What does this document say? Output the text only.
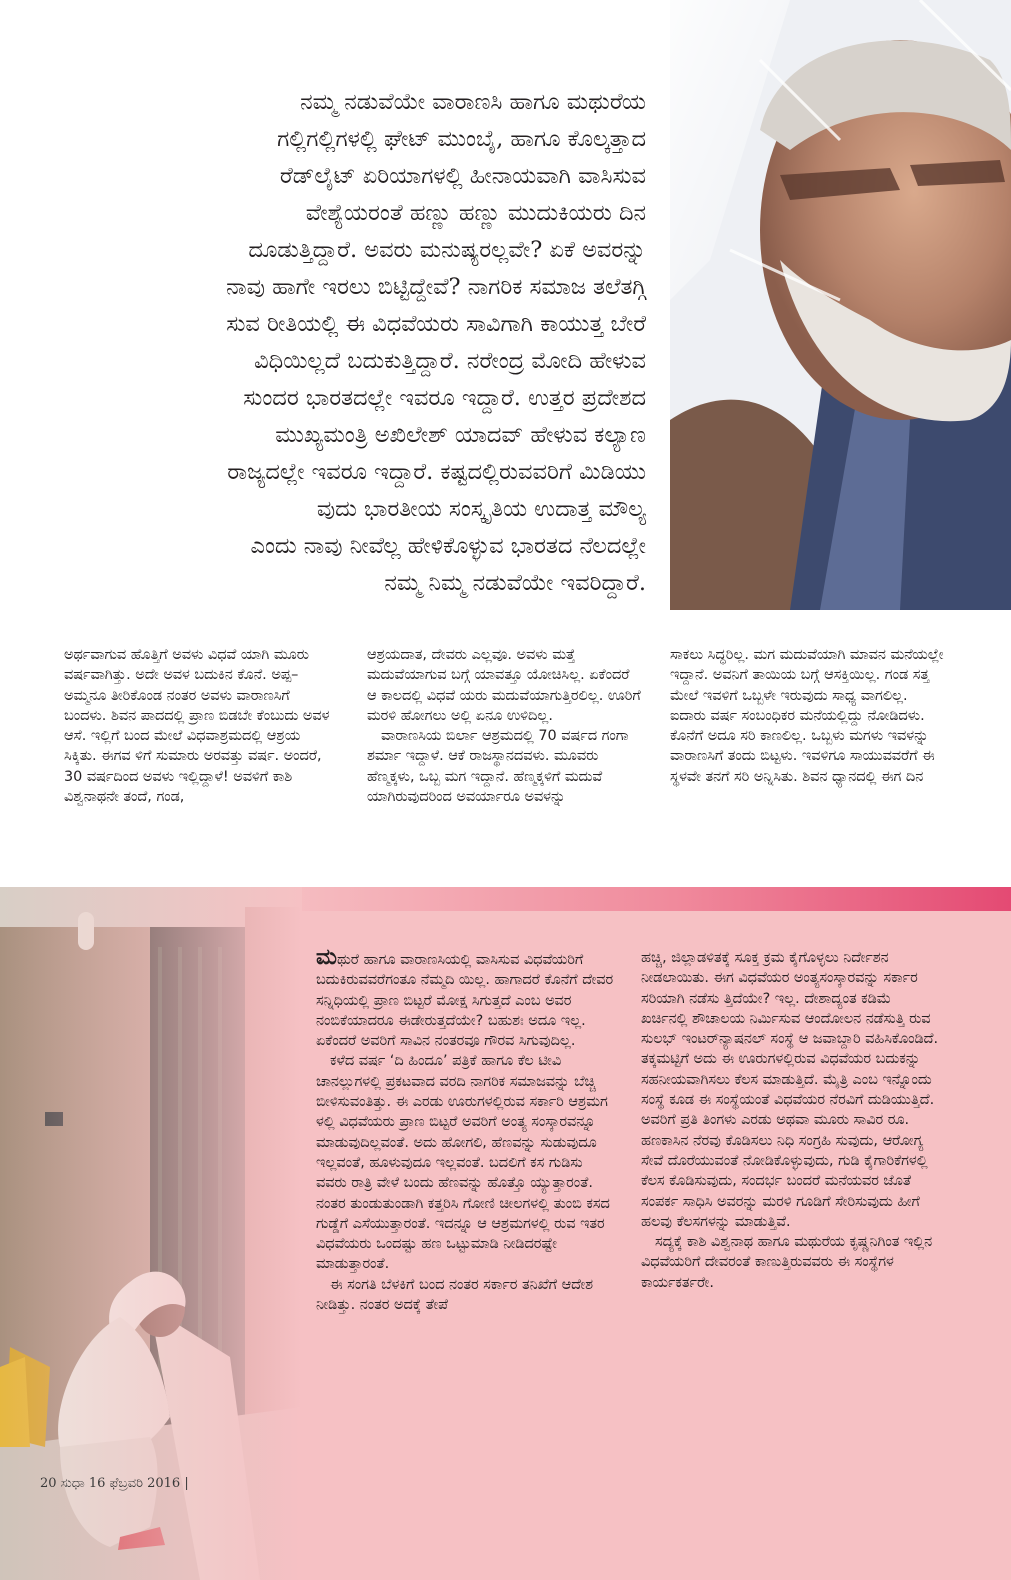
ನಮ್ಮ ನಡುವೆಯೇ ವಾರಾಣಸಿ ಹಾಗೂ ಮಥುರೆಯ
ಗಲ್ಲಿಗಲ್ಲಿಗಳಲ್ಲಿ ಘೇಟ್ ಮುಂಬೈ, ಹಾಗೂ ಕೊಲ್ಕತ್ತಾದ
ರೆಡ್‌ಲೈಟ್ ಏರಿಯಾಗಳಲ್ಲಿ ಹೀನಾಯವಾಗಿ ವಾಸಿಸುವ
ವೇಶ್ಯೆಯರಂತೆ ಹಣ್ಣು ಹಣ್ಣು ಮುದುಕಿಯರು ದಿನ
ದೂಡುತ್ತಿದ್ದಾರೆ. ಅವರು ಮನುಷ್ಯರಲ್ಲವೇ? ಏಕೆ ಅವರನ್ನು
ನಾವು ಹಾಗೇ ಇರಲು ಬಿಟ್ಟಿದ್ದೇವೆ? ನಾಗರಿಕ ಸಮಾಜ ತಲೆತಗ್ಗಿ
ಸುವ ರೀತಿಯಲ್ಲಿ ಈ ವಿಧವೆಯರು ಸಾವಿಗಾಗಿ ಕಾಯುತ್ತ ಬೇರೆ
ವಿಧಿಯಿಲ್ಲದೆ ಬದುಕುತ್ತಿದ್ದಾರೆ. ನರೇಂದ್ರ ಮೋದಿ ಹೇಳುವ
ಸುಂದರ ಭಾರತದಲ್ಲೇ ಇವರೂ ಇದ್ದಾರೆ. ಉತ್ತರ ಪ್ರದೇಶದ
ಮುಖ್ಯಮಂತ್ರಿ ಅಖಿಲೇಶ್ ಯಾದವ್ ಹೇಳುವ ಕಲ್ಯಾಣ
ರಾಜ್ಯದಲ್ಲೇ ಇವರೂ ಇದ್ದಾರೆ. ಕಷ್ಟದಲ್ಲಿರುವವರಿಗೆ ಮಿಡಿಯು
ವುದು ಭಾರತೀಯ ಸಂಸ್ಕೃತಿಯ ಉದಾತ್ತ ಮೌಲ್ಯ
ಎಂದು ನಾವು ನೀವೆಲ್ಲ ಹೇಳಿಕೊಳ್ಳುವ ಭಾರತದ ನೆಲದಲ್ಲೇ
ನಮ್ಮ ನಿಮ್ಮ ನಡುವೆಯೇ ಇವರಿದ್ದಾರೆ.

ಅರ್ಥವಾಗುವ ಹೊತ್ತಿಗೆ ಅವಳು ವಿಧವೆ ಯಾಗಿ ಮೂರು ವರ್ಷವಾಗಿತ್ತು. ಅದೇ ಅವಳ ಬದುಕಿನ ಕೊನೆ. ಅಪ್ಪ–ಅಮ್ಮನೂ ತೀರಿಕೊಂಡ ನಂತರ ಅವಳು ವಾರಾಣಸಿಗೆ ಬಂದಳು. ಶಿವನ ಪಾದದಲ್ಲಿ ಪ್ರಾಣ ಬಿಡಬೇ ಕೆಂಬುದು ಅವಳ ಆಸೆ. ಇಲ್ಲಿಗೆ ಬಂದ ಮೇಲೆ ವಿಧವಾಶ್ರಮದಲ್ಲಿ ಆಶ್ರಯ ಸಿಕ್ಕಿತು. ಈಗವ ಳಿಗೆ ಸುಮಾರು ಅರವತ್ತು ವರ್ಷ. ಅಂದರೆ, 30 ವರ್ಷದಿಂದ ಅವಳು ಇಲ್ಲಿದ್ದಾಳೆ! ಅವಳಿಗೆ ಕಾಶಿ ವಿಶ್ವನಾಥನೇ ತಂದೆ, ಗಂಡ,

ಆಶ್ರಯದಾತ, ದೇವರು ಎಲ್ಲವೂ. ಅವಳು ಮತ್ತೆ ಮದುವೆಯಾಗುವ ಬಗ್ಗೆ ಯಾವತ್ತೂ ಯೋಚಿಸಿಲ್ಲ. ಏಕೆಂದರೆ ಆ ಕಾಲದಲ್ಲಿ ವಿಧವೆ ಯರು ಮದುವೆಯಾಗುತ್ತಿರಲಿಲ್ಲ. ಊರಿಗೆ ಮರಳಿ ಹೋಗಲು ಅಲ್ಲಿ ಏನೂ ಉಳಿದಿಲ್ಲ.

ವಾರಾಣಸಿಯ ಬಿರ್ಲಾ ಆಶ್ರಮದಲ್ಲಿ 70 ವರ್ಷದ ಗಂಗಾ ಶರ್ಮಾ ಇದ್ದಾಳೆ. ಆಕೆ ರಾಜಸ್ಥಾನದವಳು. ಮೂವರು ಹೆಣ್ಮಕ್ಕಳು, ಒಬ್ಬ ಮಗ ಇದ್ದಾನೆ. ಹೆಣ್ಮಕ್ಕಳಿಗೆ ಮದುವೆ ಯಾಗಿರುವುದರಿಂದ ಅವರ್ಯಾರೂ ಅವಳನ್ನು

ಸಾಕಲು ಸಿದ್ಧರಿಲ್ಲ. ಮಗ ಮದುವೆಯಾಗಿ ಮಾವನ ಮನೆಯಲ್ಲೇ ಇದ್ದಾನೆ. ಅವನಿಗೆ ತಾಯಿಯ ಬಗ್ಗೆ ಆಸಕ್ತಿಯಿಲ್ಲ. ಗಂಡ ಸತ್ತ ಮೇಲೆ ಇವಳಿಗೆ ಒಬ್ಬಳೇ ಇರುವುದು ಸಾಧ್ಯ ವಾಗಲಿಲ್ಲ. ಐದಾರು ವರ್ಷ ಸಂಬಂಧಿಕರ ಮನೆಯಲ್ಲಿದ್ದು ನೋಡಿದಳು. ಕೊನೆಗೆ ಅದೂ ಸರಿ ಕಾಣಲಿಲ್ಲ. ಒಬ್ಬಳು ಮಗಳು ಇವಳನ್ನು ವಾರಾಣಸಿಗೆ ತಂದು ಬಿಟ್ಟಳು. ಇವಳಿಗೂ ಸಾಯುವವರೆಗೆ ಈ ಸ್ಥಳವೇ ತನಗೆ ಸರಿ ಅನ್ನಿಸಿತು. ಶಿವನ ಧ್ಯಾನದಲ್ಲಿ ಈಗ ದಿನ

20 ಸುಧಾ 16 ಫೆಬ್ರವರಿ 2016 |

ಮಥುರೆ ಹಾಗೂ ವಾರಾಣಸಿಯಲ್ಲಿ ವಾಸಿಸುವ ವಿಧವೆಯರಿಗೆ ಬದುಕಿರುವವರೆಗಂತೂ ನೆಮ್ಮದಿ ಯಿಲ್ಲ. ಹಾಗಾದರೆ ಕೊನೆಗೆ ದೇವರ ಸನ್ನಿಧಿಯಲ್ಲಿ ಪ್ರಾಣ ಬಿಟ್ಟರೆ ಮೋಕ್ಷ ಸಿಗುತ್ತದೆ ಎಂಬ ಅವರ ನಂಬಿಕೆಯಾದರೂ ಈಡೇರುತ್ತದೆಯೇ? ಬಹುಶಃ ಅದೂ ಇಲ್ಲ. ಏಕೆಂದರೆ ಅವರಿಗೆ ಸಾವಿನ ನಂತರವೂ ಗೌರವ ಸಿಗುವುದಿಲ್ಲ.

ಕಳೆದ ವರ್ಷ ‘ದಿ ಹಿಂದೂ’ ಪತ್ರಿಕೆ ಹಾಗೂ ಕೆಲ ಟೀವಿ ಚಾನಲ್ಲುಗಳಲ್ಲಿ ಪ್ರಕಟವಾದ ವರದಿ ನಾಗರಿಕ ಸಮಾಜವನ್ನು ಬೆಚ್ಚಿ ಬೀಳಿಸುವಂತಿತ್ತು. ಈ ಎರಡು ಊರುಗಳಲ್ಲಿರುವ ಸರ್ಕಾರಿ ಆಶ್ರಮಗ ಳಲ್ಲಿ ವಿಧವೆಯರು ಪ್ರಾಣ ಬಿಟ್ಟರೆ ಅವರಿಗೆ ಅಂತ್ಯ ಸಂಸ್ಕಾರವನ್ನೂ ಮಾಡುವುದಿಲ್ಲವಂತೆ. ಅದು ಹೋಗಲಿ, ಹೆಣವನ್ನು ಸುಡುವುದೂ ಇಲ್ಲವಂತೆ, ಹೂಳುವುದೂ ಇಲ್ಲವಂತೆ. ಬದಲಿಗೆ ಕಸ ಗುಡಿಸು ವವರು ರಾತ್ರಿ ವೇಳೆ ಬಂದು ಹೆಣವನ್ನು ಹೊತ್ತೊ ಯ್ಯುತ್ತಾರಂತೆ. ನಂತರ ತುಂಡುತುಂಡಾಗಿ ಕತ್ತರಿಸಿ ಗೋಣಿ ಚೀಲಗಳಲ್ಲಿ ತುಂಬಿ ಕಸದ ಗುಡ್ಡೆಗೆ ಎಸೆಯುತ್ತಾರಂತೆ. ಇದನ್ನೂ ಆ ಆಶ್ರಮಗಳಲ್ಲಿ ರುವ ಇತರ ವಿಧವೆಯರು ಒಂದಷ್ಟು ಹಣ ಒಟ್ಟುಮಾಡಿ ನೀಡಿದರಷ್ಟೇ ಮಾಡುತ್ತಾರಂತೆ.

ಈ ಸಂಗತಿ ಬೆಳಕಿಗೆ ಬಂದ ನಂತರ ಸರ್ಕಾರ ತನಿಖೆಗೆ ಆದೇಶ ನೀಡಿತ್ತು. ನಂತರ ಅದಕ್ಕೆ ತೇಪೆ

ಹಚ್ಚಿ, ಜಿಲ್ಲಾಡಳಿತಕ್ಕೆ ಸೂಕ್ತ ಕ್ರಮ ಕೈಗೊಳ್ಳಲು ನಿರ್ದೇಶನ ನೀಡಲಾಯಿತು. ಈಗ ವಿಧವೆಯರ ಅಂತ್ಯಸಂಸ್ಕಾರವನ್ನು ಸರ್ಕಾರ ಸರಿಯಾಗಿ ನಡೆಸು ತ್ತಿದೆಯೇ? ಇಲ್ಲ. ದೇಶಾದ್ಯಂತ ಕಡಿಮೆ ಖರ್ಚಿನಲ್ಲಿ ಶೌಚಾಲಯ ನಿರ್ಮಿಸುವ ಆಂದೋಲನ ನಡೆಸುತ್ತಿ ರುವ ಸುಲಭ್ ಇಂಟರ್‌ನ್ಯಾಷನಲ್ ಸಂಸ್ಥೆ ಆ ಜವಾಬ್ದಾರಿ ವಹಿಸಿಕೊಂಡಿದೆ. ತಕ್ಕಮಟ್ಟಿಗೆ ಅದು ಈ ಊರುಗಳಲ್ಲಿರುವ ವಿಧವೆಯರ ಬದುಕನ್ನು ಸಹನೀಯವಾಗಿಸಲು ಕೆಲಸ ಮಾಡುತ್ತಿದೆ. ಮೈತ್ರಿ ಎಂಬ ಇನ್ನೊಂದು ಸಂಸ್ಥೆ ಕೂಡ ಈ ಸಂಸ್ಥೆಯಂತೆ ವಿಧವೆಯರ ನೆರವಿಗೆ ದುಡಿಯುತ್ತಿದೆ. ಅವರಿಗೆ ಪ್ರತಿ ತಿಂಗಳು ಎರಡು ಅಥವಾ ಮೂರು ಸಾವಿರ ರೂ. ಹಣಕಾಸಿನ ನೆರವು ಕೊಡಿಸಲು ನಿಧಿ ಸಂಗ್ರಹಿ ಸುವುದು, ಆರೋಗ್ಯ ಸೇವೆ ದೊರೆಯುವಂತೆ ನೋಡಿಕೊಳ್ಳುವುದು, ಗುಡಿ ಕೈಗಾರಿಕೆಗಳಲ್ಲಿ ಕೆಲಸ ಕೊಡಿಸುವುದು, ಸಂದರ್ಭ ಬಂದರೆ ಮನೆಯವರ ಜೊತೆ ಸಂಪರ್ಕ ಸಾಧಿಸಿ ಅವರನ್ನು ಮರಳಿ ಗೂಡಿಗೆ ಸೇರಿಸುವುದು ಹೀಗೆ ಹಲವು ಕೆಲಸಗಳನ್ನು ಮಾಡುತ್ತಿವೆ.

ಸದ್ಯಕ್ಕೆ ಕಾಶಿ ವಿಶ್ವನಾಥ ಹಾಗೂ ಮಥುರೆಯ ಕೃಷ್ಣನಿಗಿಂತ ಇಲ್ಲಿನ ವಿಧವೆಯರಿಗೆ ದೇವರಂತೆ ಕಾಣುತ್ತಿರುವವರು ಈ ಸಂಸ್ಥೆಗಳ ಕಾರ್ಯಕರ್ತರೇ.
